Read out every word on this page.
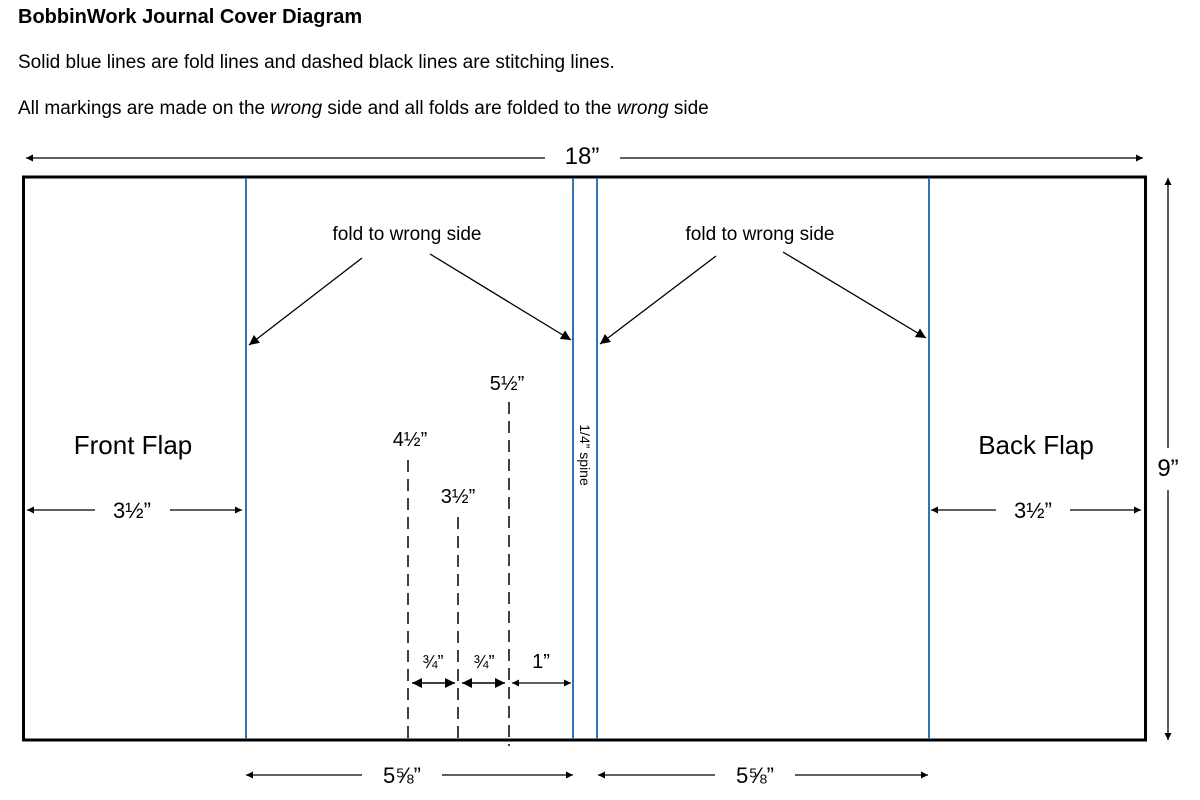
BobbinWork Journal Cover Diagram
Solid blue lines are fold lines and dashed black lines are stitching lines.
All markings are made on the wrong side and all folds are folded to the wrong side
18”
9”
fold to wrong side	fold to wrong side
1/4” spine
Front Flap	Back Flap
3½”	3½”
4½”
3½”
5½”
¾” ¾” 1”
5⅝”	5⅝”
